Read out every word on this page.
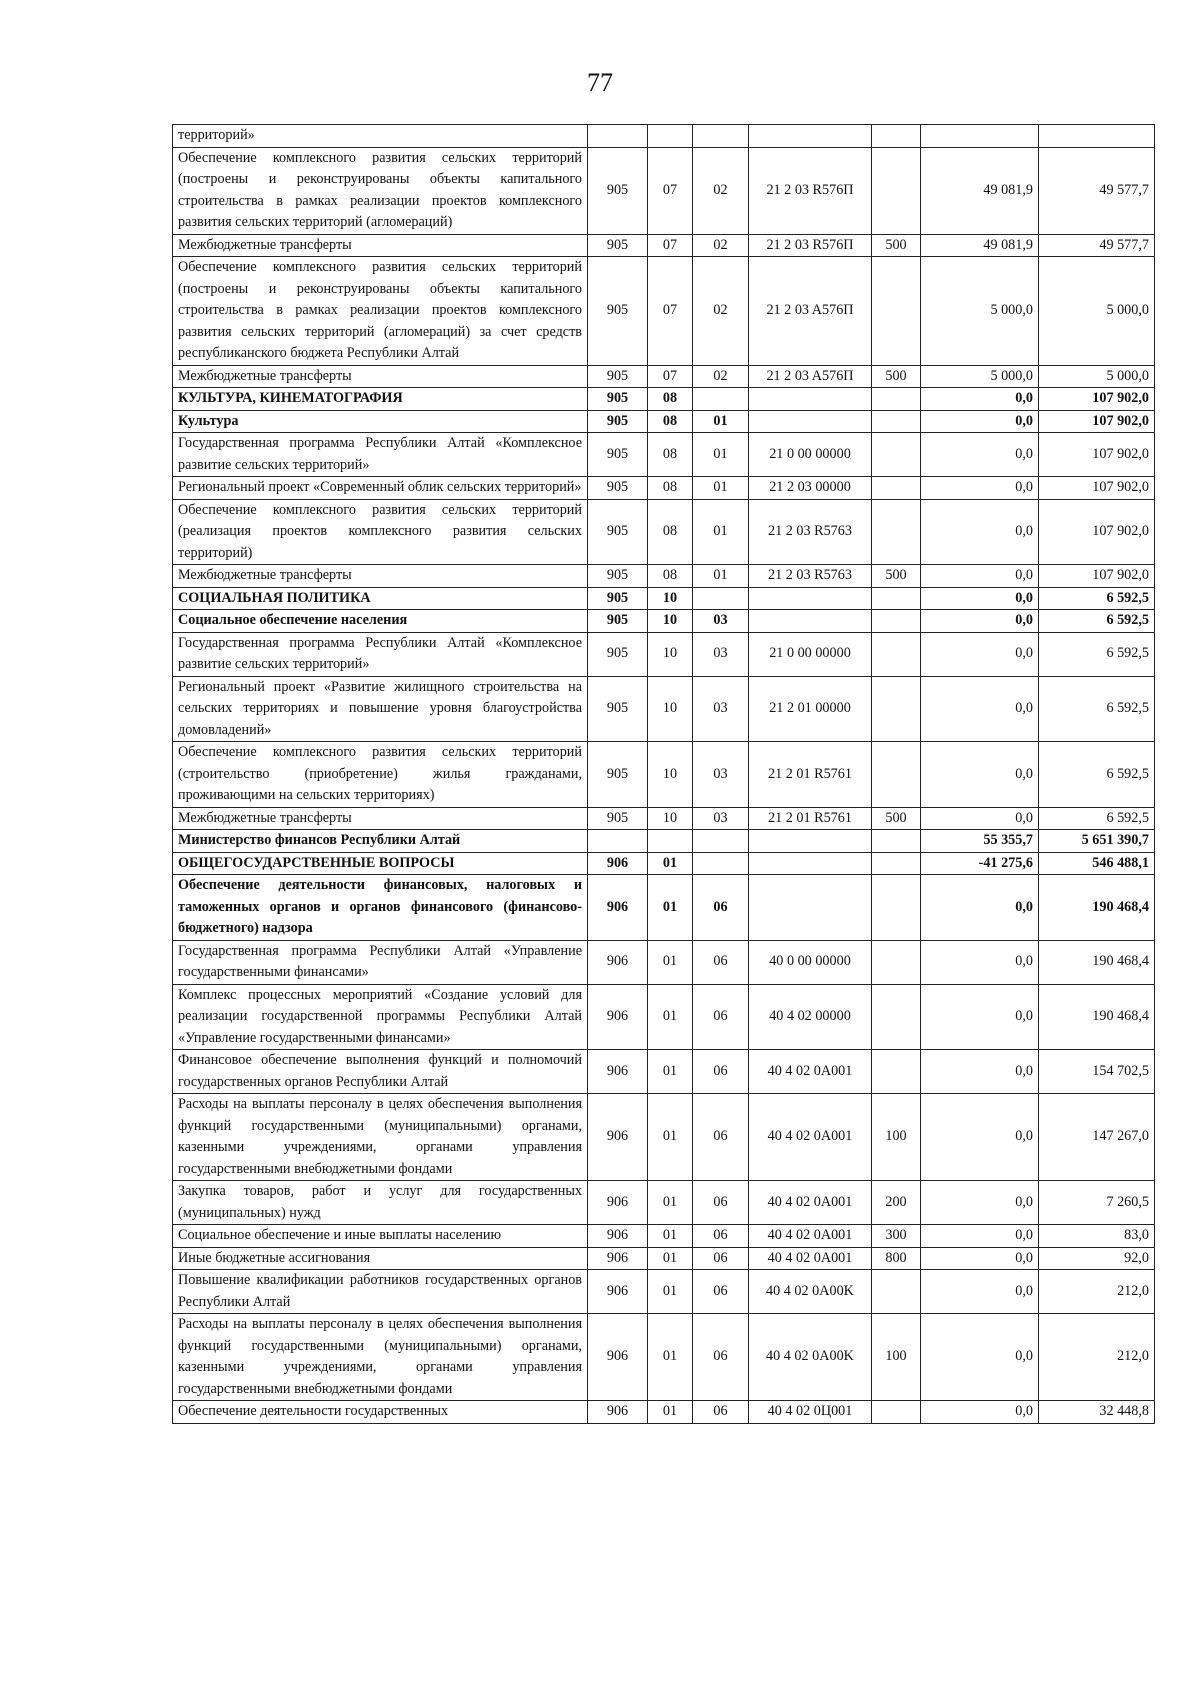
77
территорий»							
Обеспечение комплексного развития сельских территорий (построены и реконструированы объекты капитального строительства в рамках реализации проектов комплексного развития сельских территорий (агломераций)	905	07	02	21 2 03 R576П		49 081,9	49 577,7
Межбюджетные трансферты	905	07	02	21 2 03 R576П	500	49 081,9	49 577,7
Обеспечение комплексного развития сельских территорий (построены и реконструированы объекты капитального строительства в рамках реализации проектов комплексного развития сельских территорий (агломераций) за счет средств республиканского бюджета Республики Алтай	905	07	02	21 2 03 A576П		5 000,0	5 000,0
Межбюджетные трансферты	905	07	02	21 2 03 A576П	500	5 000,0	5 000,0
КУЛЬТУРА, КИНЕМАТОГРАФИЯ	905	08				0,0	107 902,0
Культура	905	08	01			0,0	107 902,0
Государственная программа Республики Алтай «Комплексное развитие сельских территорий»	905	08	01	21 0 00 00000		0,0	107 902,0
Региональный проект «Современный облик сельских территорий»	905	08	01	21 2 03 00000		0,0	107 902,0
Обеспечение комплексного развития сельских территорий (реализация проектов комплексного развития сельских территорий)	905	08	01	21 2 03 R5763		0,0	107 902,0
Межбюджетные трансферты	905	08	01	21 2 03 R5763	500	0,0	107 902,0
СОЦИАЛЬНАЯ ПОЛИТИКА	905	10				0,0	6 592,5
Социальное обеспечение населения	905	10	03			0,0	6 592,5
Государственная программа Республики Алтай «Комплексное развитие сельских территорий»	905	10	03	21 0 00 00000		0,0	6 592,5
Региональный проект «Развитие жилищного строительства на сельских территориях и повышение уровня благоустройства домовладений»	905	10	03	21 2 01 00000		0,0	6 592,5
Обеспечение комплексного развития сельских территорий (строительство (приобретение) жилья гражданами, проживающими на сельских территориях)	905	10	03	21 2 01 R5761		0,0	6 592,5
Межбюджетные трансферты	905	10	03	21 2 01 R5761	500	0,0	6 592,5
Министерство финансов Республики Алтай						55 355,7	5 651 390,7
ОБЩЕГОСУДАРСТВЕННЫЕ ВОПРОСЫ	906	01				-41 275,6	546 488,1
Обеспечение деятельности финансовых, налоговых и таможенных органов и органов финансового (финансово-бюджетного) надзора	906	01	06			0,0	190 468,4
Государственная программа Республики Алтай «Управление государственными финансами»	906	01	06	40 0 00 00000		0,0	190 468,4
Комплекс процессных мероприятий «Создание условий для реализации государственной программы Республики Алтай «Управление государственными финансами»	906	01	06	40 4 02 00000		0,0	190 468,4
Финансовое обеспечение выполнения функций и полномочий государственных органов Республики Алтай	906	01	06	40 4 02 0A001		0,0	154 702,5
Расходы на выплаты персоналу в целях обеспечения выполнения функций государственными (муниципальными) органами, казенными учреждениями, органами управления государственными внебюджетными фондами	906	01	06	40 4 02 0A001	100	0,0	147 267,0
Закупка товаров, работ и услуг для государственных (муниципальных) нужд	906	01	06	40 4 02 0A001	200	0,0	7 260,5
Социальное обеспечение и иные выплаты населению	906	01	06	40 4 02 0A001	300	0,0	83,0
Иные бюджетные ассигнования	906	01	06	40 4 02 0A001	800	0,0	92,0
Повышение квалификации работников государственных органов Республики Алтай	906	01	06	40 4 02 0A00K		0,0	212,0
Расходы на выплаты персоналу в целях обеспечения выполнения функций государственными (муниципальными) органами, казенными учреждениями, органами управления государственными внебюджетными фондами	906	01	06	40 4 02 0A00K	100	0,0	212,0
Обеспечение деятельности государственных	906	01	06	40 4 02 0Ц001		0,0	32 448,8
